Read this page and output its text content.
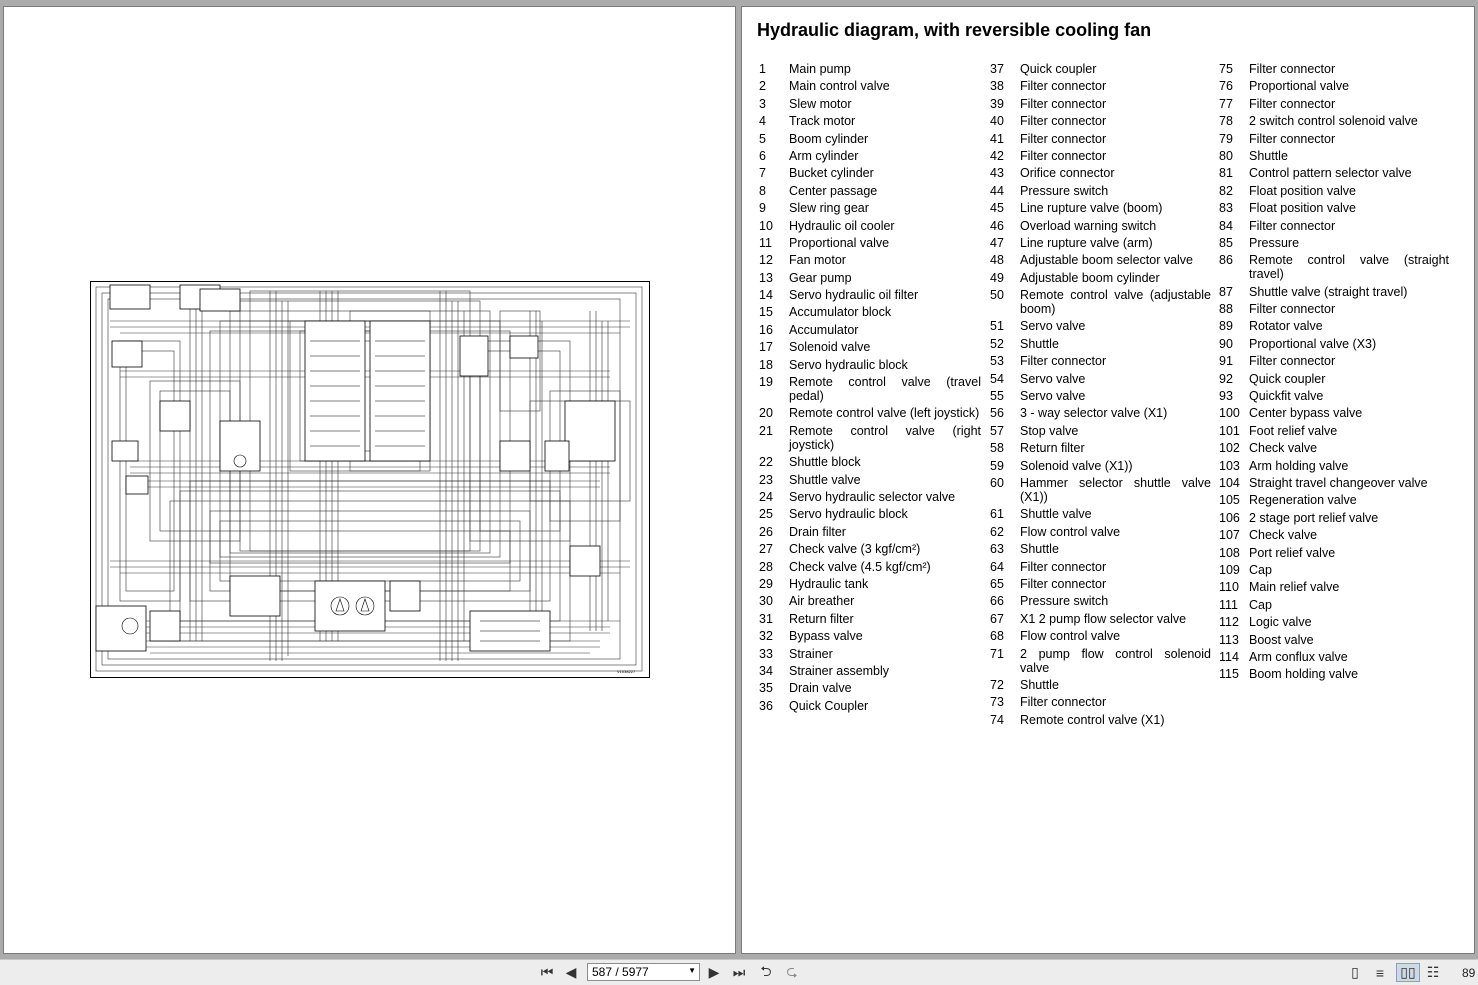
V1038227
Hydraulic diagram, with reversible cooling fan
1	Main pump
2	Main control valve
3	Slew motor
4	Track motor
5	Boom cylinder
6	Arm cylinder
7	Bucket cylinder
8	Center passage
9	Slew ring gear
10	Hydraulic oil cooler
11	Proportional valve
12	Fan motor
13	Gear pump
14	Servo hydraulic oil filter
15	Accumulator block
16	Accumulator
17	Solenoid valve
18	Servo hydraulic block
19	Remote control valve (travel pedal)
20	Remote control valve (left joystick)
21	Remote control valve (right joystick)
22	Shuttle block
23	Shuttle valve
24	Servo hydraulic selector valve
25	Servo hydraulic block
26	Drain filter
27	Check valve (3 kgf/cm²)
28	Check valve (4.5 kgf/cm²)
29	Hydraulic tank
30	Air breather
31	Return filter
32	Bypass valve
33	Strainer
34	Strainer assembly
35	Drain valve
36	Quick Coupler
37	Quick coupler
38	Filter connector
39	Filter connector
40	Filter connector
41	Filter connector
42	Filter connector
43	Orifice connector
44	Pressure switch
45	Line rupture valve (boom)
46	Overload warning switch
47	Line rupture valve (arm)
48	Adjustable boom selector valve
49	Adjustable boom cylinder
50	Remote control valve (adjustable boom)
51	Servo valve
52	Shuttle
53	Filter connector
54	Servo valve
55	Servo valve
56	3 - way selector valve (X1)
57	Stop valve
58	Return filter
59	Solenoid valve (X1))
60	Hammer selector shuttle valve (X1))
61	Shuttle valve
62	Flow control valve
63	Shuttle
64	Filter connector
65	Filter connector
66	Pressure switch
67	X1 2 pump flow selector valve
68	Flow control valve
71	2 pump flow control solenoid valve
72	Shuttle
73	Filter connector
74	Remote control valve (X1)
75	Filter connector
76	Proportional valve
77	Filter connector
78	2 switch control solenoid valve
79	Filter connector
80	Shuttle
81	Control pattern selector valve
82	Float position valve
83	Float position valve
84	Filter connector
85	Pressure
86	Remote control valve (straight travel)
87	Shuttle valve (straight travel)
88	Filter connector
89	Rotator valve
90	Proportional valve (X3)
91	Filter connector
92	Quick coupler
93	Quickfit valve
100 Center bypass valve
101 Foot relief valve
102 Check valve
103 Arm holding valve
104 Straight travel changeover valve
105 Regeneration valve
106 2 stage port relief valve
107 Check valve
108 Port relief valve
109 Cap
110 Main relief valve
111 Cap
112 Logic valve
113 Boost valve
114 Arm conflux valve
115 Boom holding valve
⏮ ◀	587 / 5977	▼ ▶ ⏭	⮌	⮎	▯	≡	▯▯ ☷ 89
